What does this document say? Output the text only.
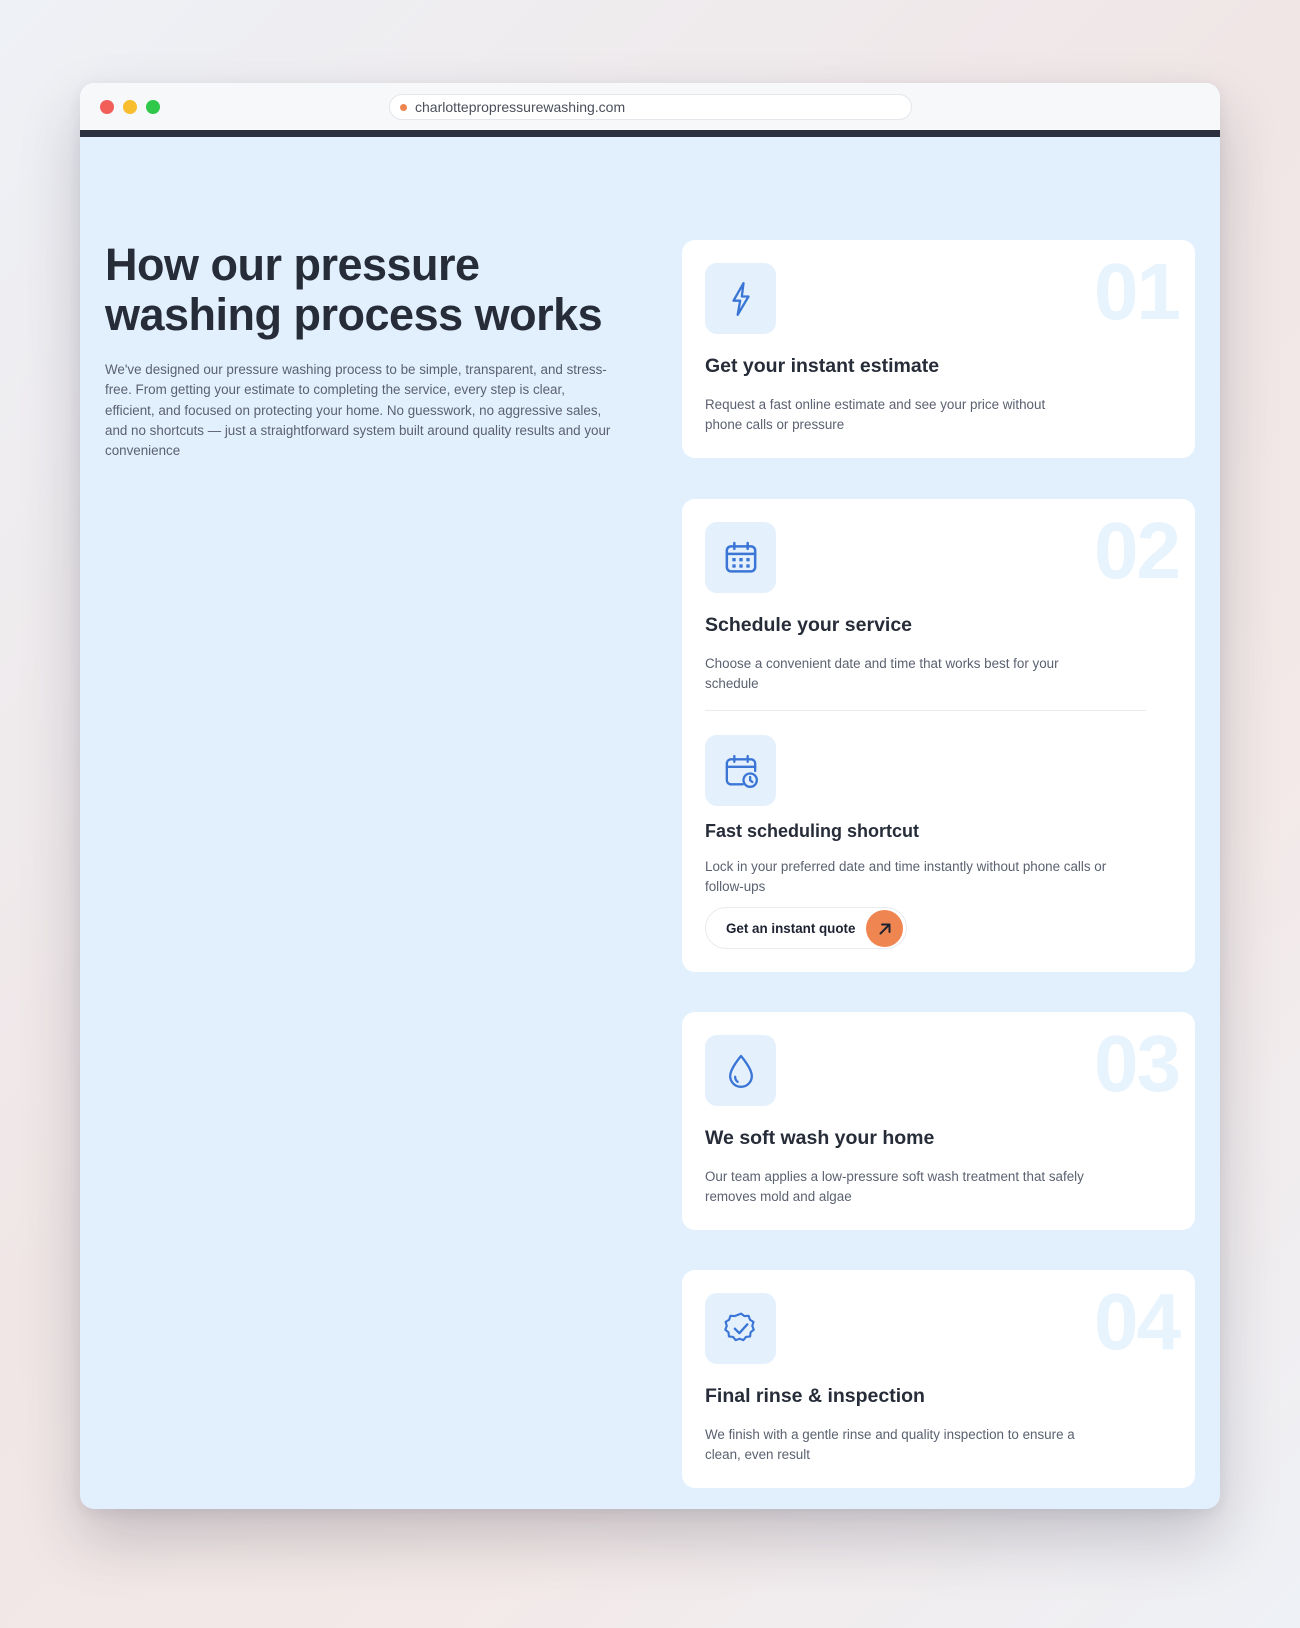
charlottepropressurewashing.com
How our pressure
washing process works

We've designed our pressure washing process to be simple, transparent, and stress-free. From getting your estimate to completing the service, every step is clear, efficient, and focused on protecting your home. No guesswork, no aggressive sales, and no shortcuts — just a straightforward system built around quality results and your convenience

01
Get your instant estimate
Request a fast online estimate and see your price without phone calls or pressure
02
Schedule your service
Choose a convenient date and time that works best for your schedule
Fast scheduling shortcut
Lock in your preferred date and time instantly without phone calls or follow-ups
Get an instant quote
03
We soft wash your home
Our team applies a low-pressure soft wash treatment that safely removes mold and algae
04
Final rinse & inspection
We finish with a gentle rinse and quality inspection to ensure a clean, even result
